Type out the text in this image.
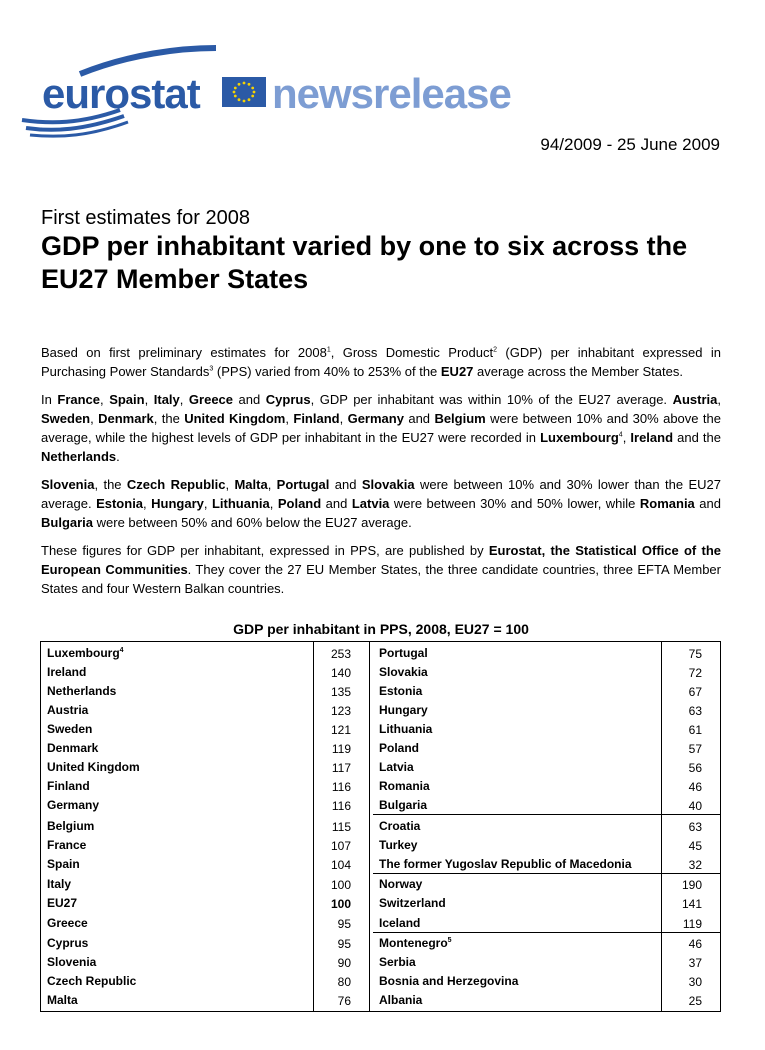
eurostat newsrelease
94/2009 - 25 June 2009
First estimates for 2008
GDP per inhabitant varied by one to six across the EU27 Member States

Based on first preliminary estimates for 2008$^1$, Gross Domestic Product$^2$ (GDP) per inhabitant expressed in Purchasing Power Standards$^3$ (PPS) varied from 40% to 253% of the EU27 average across the Member States.

In France, Spain, Italy, Greece and Cyprus, GDP per inhabitant was within 10% of the EU27 average. Austria, Sweden, Denmark, the United Kingdom, Finland, Germany and Belgium were between 10% and 30% above the average, while the highest levels of GDP per inhabitant in the EU27 were recorded in Luxembourg$^4$, Ireland and the Netherlands.

Slovenia, the Czech Republic, Malta, Portugal and Slovakia were between 10% and 30% lower than the EU27 average. Estonia, Hungary, Lithuania, Poland and Latvia were between 30% and 50% lower, while Romania and Bulgaria were between 50% and 60% below the EU27 average.

These figures for GDP per inhabitant, expressed in PPS, are published by Eurostat, the Statistical Office of the European Communities. They cover the 27 EU Member States, the three candidate countries, three EFTA Member States and four Western Balkan countries.

GDP per inhabitant in PPS, 2008, EU27 = 100
Luxembourg$^4$	253
Ireland	140
Netherlands	135
Austria	123
Sweden	121
Denmark	119
United Kingdom	117
Finland	116
Germany	116
Belgium	115
France	107
Spain	104
Italy	100
EU27	100
Greece	95
Cyprus	95
Slovenia	90
Czech Republic	80
Malta	76
Portugal	75
Slovakia	72
Estonia	67
Hungary	63
Lithuania	61
Poland	57
Latvia	56
Romania	46
Bulgaria	40
Croatia	63
Turkey	45
The former Yugoslav Republic of Macedonia	32
Norway	190
Switzerland	141
Iceland	119
Montenegro$^5$	46
Serbia	37
Bosnia and Herzegovina	30
Albania	25
